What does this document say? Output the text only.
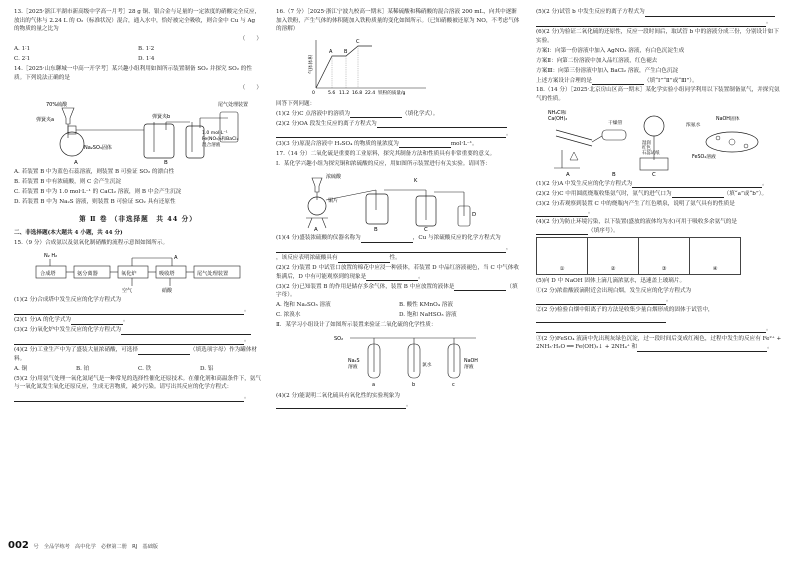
13.［2025·浙江平湖市新高级中学高一月考］28 g 铜、银合金与足量的一定浓度的硝酸完全反应，放出的气体与 2.24 L 的 O₂（标准状况）混合，通入水中，恰好被完全吸收，则合金中 Cu 与 Ag 的物质的量之比为

（　　）

A. 1∶1	B. 1∶2
C. 2∶1	D. 1∶4

14.［2025·山东聊城一中高一开学考］某兴趣小组利用如图所示装置制备 SO₂ 并探究 SO₂ 的性质。下列说法正确的是

（　　）

70%硫酸
弹簧夹a	弹簧夹b
Na₂SO₃固体
尾气处理装置
1.0 mol·L⁻¹
Fe(NO₃)₃和BaCl₂
混合溶液
A	B

A. 若装置 B 中为蓝色石蕊溶液，则装置 B 可验证 SO₂ 的漂白性

B. 若装置 B 中有浓硫酸，则 C 会产生沉淀

C. 若装置 B 中为 1.0 mol·L⁻¹ 的 CaCl₂ 溶液，则 B 中会产生沉淀

D. 若装置 B 中为 Na₂S 溶液，则装置 B 可验证 SO₂ 具有还原性

第 Ⅱ 卷 （非选择题　共 44 分）

二、非选择题(本大题共 4 小题，共 44 分)

15.（9 分）合成氨以及氨氧化制硝酸的流程示意图如图所示。

N₂ H₂
合成塔	氨分离器	氧化炉	吸收塔	尾气处理装置
A
空气	硝酸

(1)(2 分)合成塔中发生反应的化学方程式为

。

(2)(1 分)A 的化学式为	。

(3)(2 分)氧化炉中发生反应的化学方程式为

。

(4)(2 分)工业生产中为了盛装大量浓硝酸，可选择	（填选项字母）作为罐体材料。

A. 铜	B. 铂	C. 铁	D. 铝

(5)(2 分)用氨气处理一氧化氮尾气是一种常见的选择性催化还原技术。在催化剂和高温条件下，氨气与一氧化氮发生氧化还原反应，生成无害物质，减少污染。请写出其反应的化学方程式：

。

16.（7 分）［2025·浙江宁波九校高一期末］某稀硫酸和稀硝酸的混合溶液 200 mL，向其中逐渐加入铁粉，产生气体的体积随加入铁粉质量的变化如图所示。（已知硝酸被还原为 NO，不考虑气体的溶解）

气体体积
铁粉的质量/g
0	5.6 11.2 16.8 22.4
A B
C

回答下列问题：

(1)(2 分)C 点溶液中的溶质为	（填化学式）。

(2)(2 分)OA 段发生反应的离子方程式为

。

(3)(3 分)原混合溶液中 H₂SO₄ 的物质的量浓度为	mol·L⁻¹。

17.（14 分）二氧化硫是重要的工业原料，探究其制备方法和性质具有非常重要的意义。

Ⅰ．某化学兴趣小组为探究铜和浓硫酸的反应，用如图所示装置进行有关实验。请回答：

浓硫酸
铜片
K
A	B	C
D

(1)(4 分)盛装浓硫酸的仪器名称为	，Cu 与浓硫酸反应的化学方程式为

，

，该反应表明浓硫酸具有	性。

(2)(2 分)装置 D 中试管口放置的棉花中应浸一种液体，若装置 D 中品红溶液褪色，当 C 中气体收集满后，D 中有可能观察到的现象是	。

(3)(2 分)已知装置 B 的作用是储存多余气体，装置 B 中应放置的液体是	（填字母）。

A. 饱和 Na₂SO₃ 溶液	B. 酸性 KMnO₄ 溶液
C. 浓溴水	D. 饱和 NaHSO₃ 溶液

Ⅱ．某学习小组设计了如图所示装置来验证二氧化硫的化学性质：

SO₂
Na₂S
溶液	氯水
NaOH
溶液
a	b	c

(4)(2 分)能说明二氧化硫具有氧化性的实验现象为。

(5)(2 分)试管 b 中发生反应的离子方程式为

。

(6)(2 分)为验证二氧化硫的还原性，反应一段时间后，取试管 b 中的溶液分成三份，分别设计如下实验。

方案Ⅰ：向第一份溶液中加入 AgNO₃ 溶液，有白色沉淀生成

方案Ⅱ：向第二份溶液中加入品红溶液，红色褪去

方案Ⅲ：向第三份溶液中加入 BaCl₂ 溶液，产生白色沉淀

上述方案设计合理的是	（填“Ⅰ”“Ⅱ”或“Ⅲ”）。

18.（14 分）［2025·北京房山区高一期末］某化学实验小组同学利用以下装置制备氨气，并探究氨气的性质。

NH₄Cl和
Ca(OH)₂
干燥管	浓氨水
NaOH固体
FeSO₄溶液
湿润
红色
石蕊试纸
A	B	C

(1)(2 分)A 中发生反应的化学方程式为	。

(2)(2 分)C 中用圆底烧瓶收集氨气时，氨气的进气口为	（填“a”或“b”）。

(3)(2 分)若观察到装置 C 中的烧瓶内产生了红色喷泉，说明了氨气具有的性质是。

(4)(2 分)为防止环境污染，以下装置(盛放的液体均为水)可用于吸收多余氨气的是（填序号）。

①	②	③	④

(5)向 D 中 NaOH 固体上滴几滴浓氨水，迅速盖上玻璃片。

①(2 分)浓盐酸液滴附近会出现白烟，发生反应的化学方程式为。

②(2 分)检验白烟中阳离子的方法是收集少量白烟形成的固体于试管中，

。

③(2 分)FeSO₄ 液滴中先出现灰绿色沉淀，过一段时间后变成红褐色，过程中发生的反应有 Fe²⁺ + 2NH₃·H₂O ══ Fe(OH)₂↓ + 2NH₄⁺ 和	。

002 号　全品学练考　高中化学　必修第二册　RJ　基础版
